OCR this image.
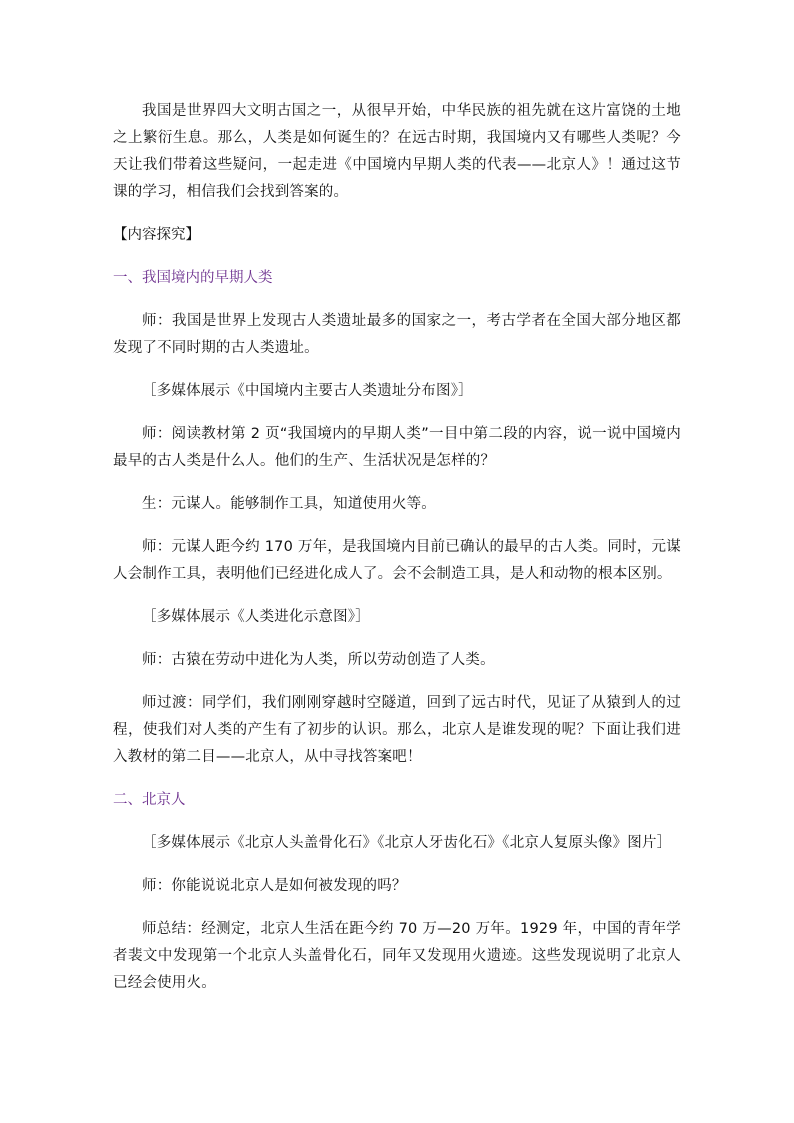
我国是世界四大文明古国之一，从很早开始，中华民族的祖先就在这片富饶的土地之上繁衍生息。那么，人类是如何诞生的？在远古时期，我国境内又有哪些人类呢？今天让我们带着这些疑问，一起走进《中国境内早期人类的代表——北京人》！通过这节课的学习，相信我们会找到答案的。

【内容探究】

一、我国境内的早期人类

师：我国是世界上发现古人类遗址最多的国家之一，考古学者在全国大部分地区都发现了不同时期的古人类遗址。

［多媒体展示《中国境内主要古人类遗址分布图》］

师：阅读教材第 2 页“我国境内的早期人类”一目中第二段的内容，说一说中国境内最早的古人类是什么人。他们的生产、生活状况是怎样的？

生：元谋人。能够制作工具，知道使用火等。

师：元谋人距今约 170 万年，是我国境内目前已确认的最早的古人类。同时，元谋人会制作工具，表明他们已经进化成人了。会不会制造工具，是人和动物的根本区别。

［多媒体展示《人类进化示意图》］

师：古猿在劳动中进化为人类，所以劳动创造了人类。

师过渡：同学们，我们刚刚穿越时空隧道，回到了远古时代，见证了从猿到人的过程，使我们对人类的产生有了初步的认识。那么，北京人是谁发现的呢？下面让我们进入教材的第二目——北京人，从中寻找答案吧！

二、北京人

［多媒体展示《北京人头盖骨化石》《北京人牙齿化石》《北京人复原头像》图片］

师：你能说说北京人是如何被发现的吗？

师总结：经测定，北京人生活在距今约 70 万—20 万年。1929 年，中国的青年学者裴文中发现第一个北京人头盖骨化石，同年又发现用火遗迹。这些发现说明了北京人已经会使用火。
